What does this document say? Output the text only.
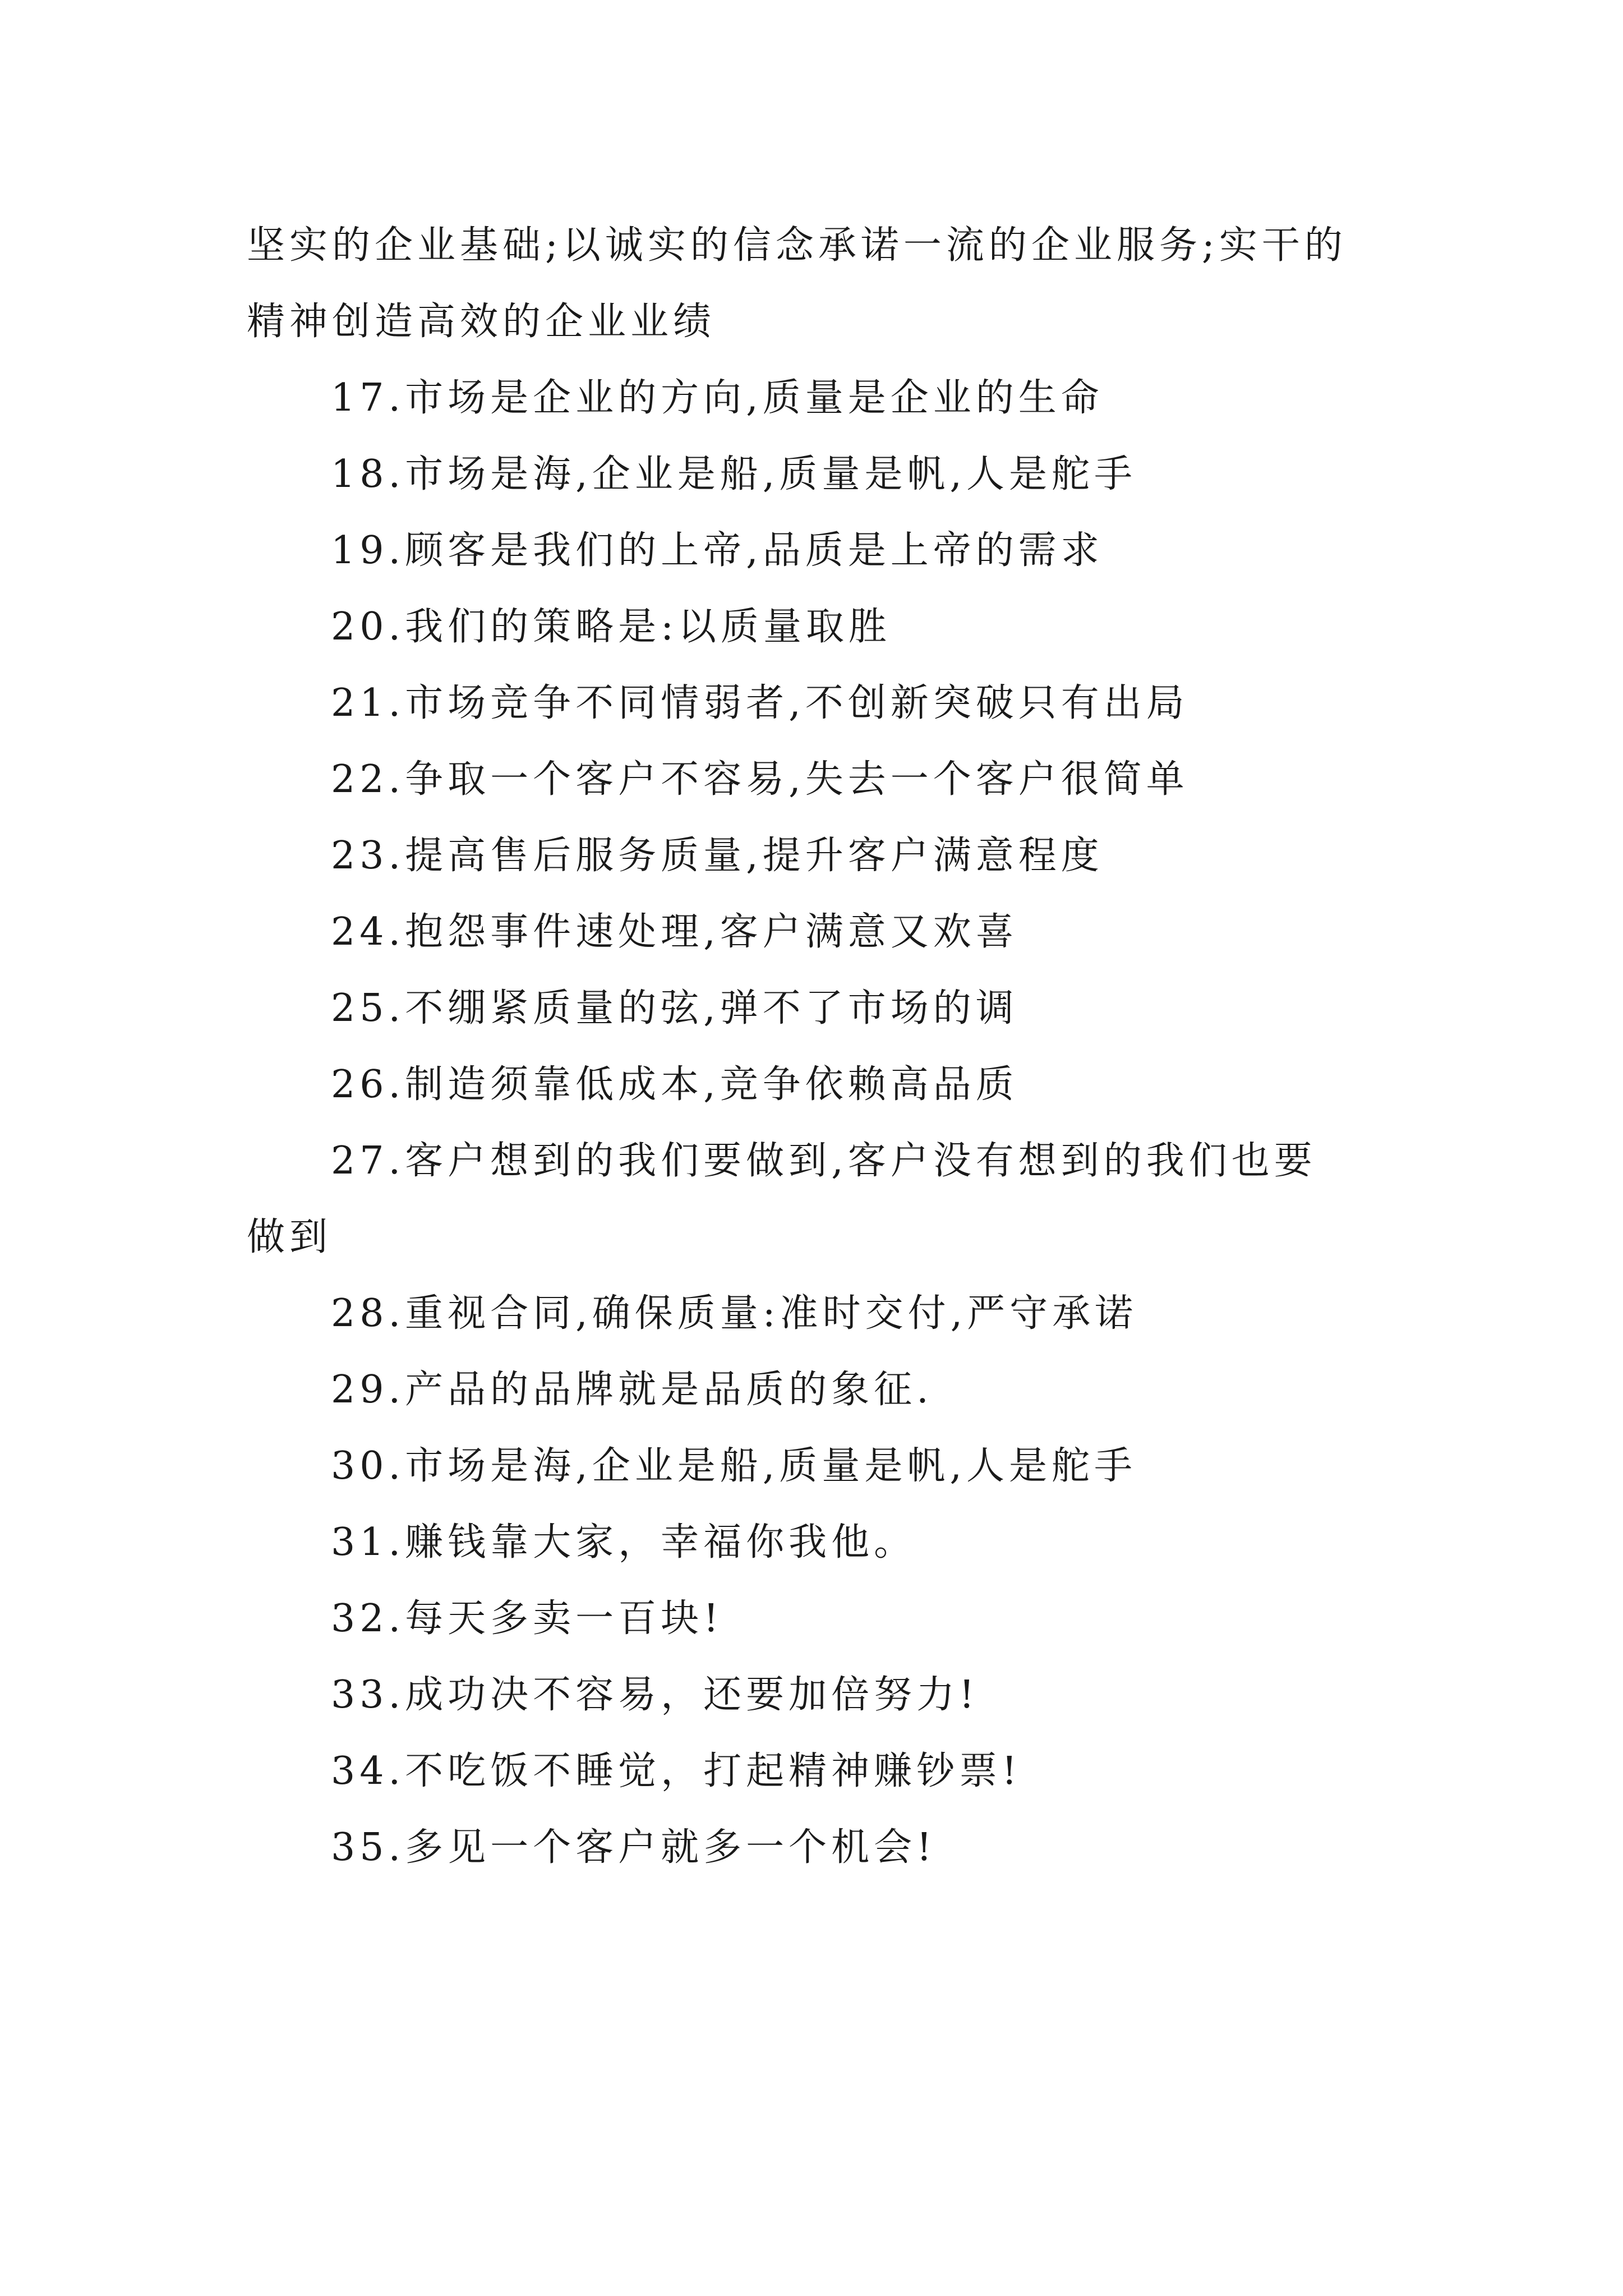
坚实的企业基础;以诚实的信念承诺一流的企业服务;实干的
精神创造高效的企业业绩

17.市场是企业的方向,质量是企业的生命

18.市场是海,企业是船,质量是帆,人是舵手

19.顾客是我们的上帝,品质是上帝的需求

20.我们的策略是:以质量取胜

21.市场竞争不同情弱者,不创新突破只有出局

22.争取一个客户不容易,失去一个客户很简单

23.提高售后服务质量,提升客户满意程度

24.抱怨事件速处理,客户满意又欢喜

25.不绷紧质量的弦,弹不了市场的调

26.制造须靠低成本,竞争依赖高品质

27.客户想到的我们要做到,客户没有想到的我们也要
做到

28.重视合同,确保质量:准时交付,严守承诺

29.产品的品牌就是品质的象征.

30.市场是海,企业是船,质量是帆,人是舵手

31.赚钱靠大家，幸福你我他。

32.每天多卖一百块!

33.成功决不容易，还要加倍努力!

34.不吃饭不睡觉，打起精神赚钞票!

35.多见一个客户就多一个机会!
